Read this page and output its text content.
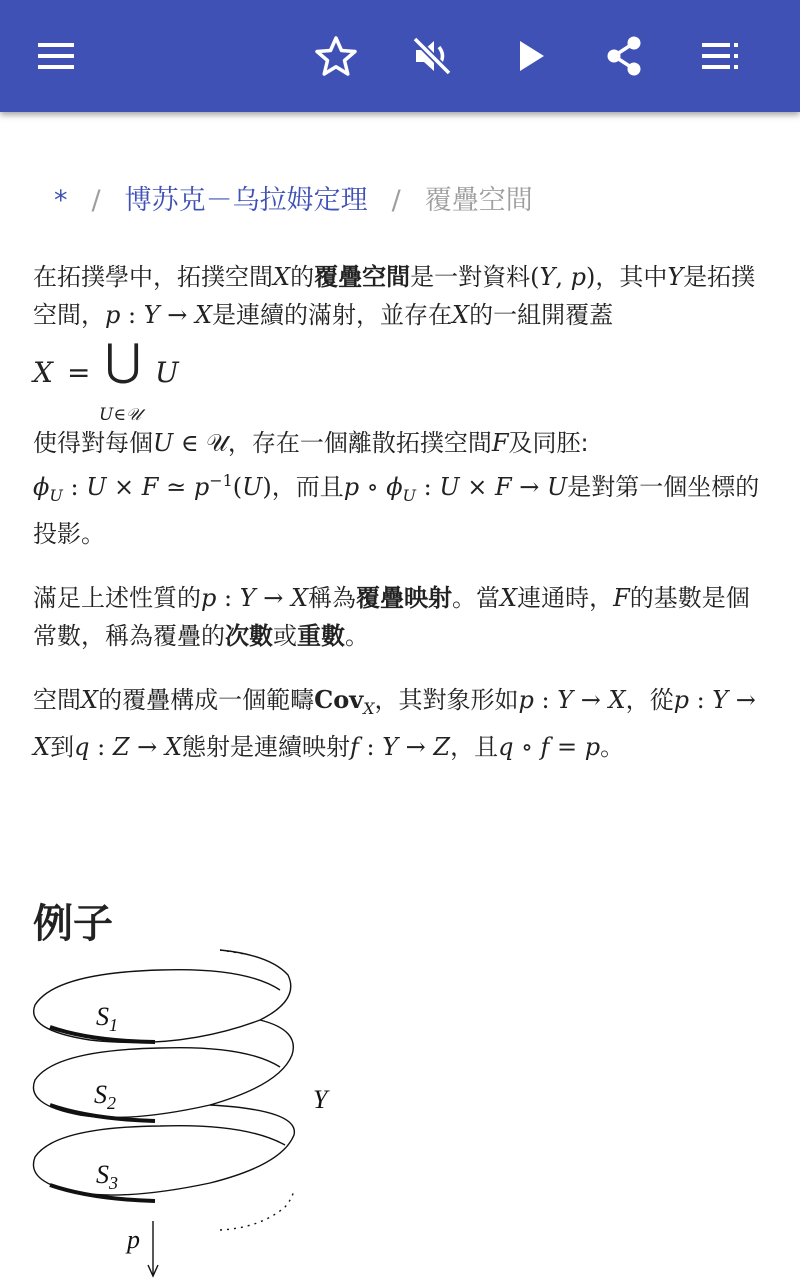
* / 博苏克－乌拉姆定理 / 覆疊空間

在拓撲學中，拓撲空間X的覆疊空間是一對資料(Y, p)，其中Y是拓撲空間，p : Y → X是連續的滿射，並存在X的一組開覆蓋

X = ⋃ U
U∈𝒰

使得對每個U ∈ 𝒰，存在一個離散拓撲空間F及同胚:
$\phi_U$ : U × F ≃ $p^{-1}(U)$，而且p ∘ $\phi_U$ : U × F → U是對第一個坐標的投影。

滿足上述性質的p : Y → X稱為覆疊映射。當X連通時，F的基數是個常數，稱為覆疊的次數或重數。

空間X的覆疊構成一個範疇Cov$_X$，其對象形如p : Y → X，從p : Y → X到q : Z → X態射是連續映射f : Y → Z，且q ∘ f = p。

例子
$S_1$
$S_2$
$S_3$
Y
p
